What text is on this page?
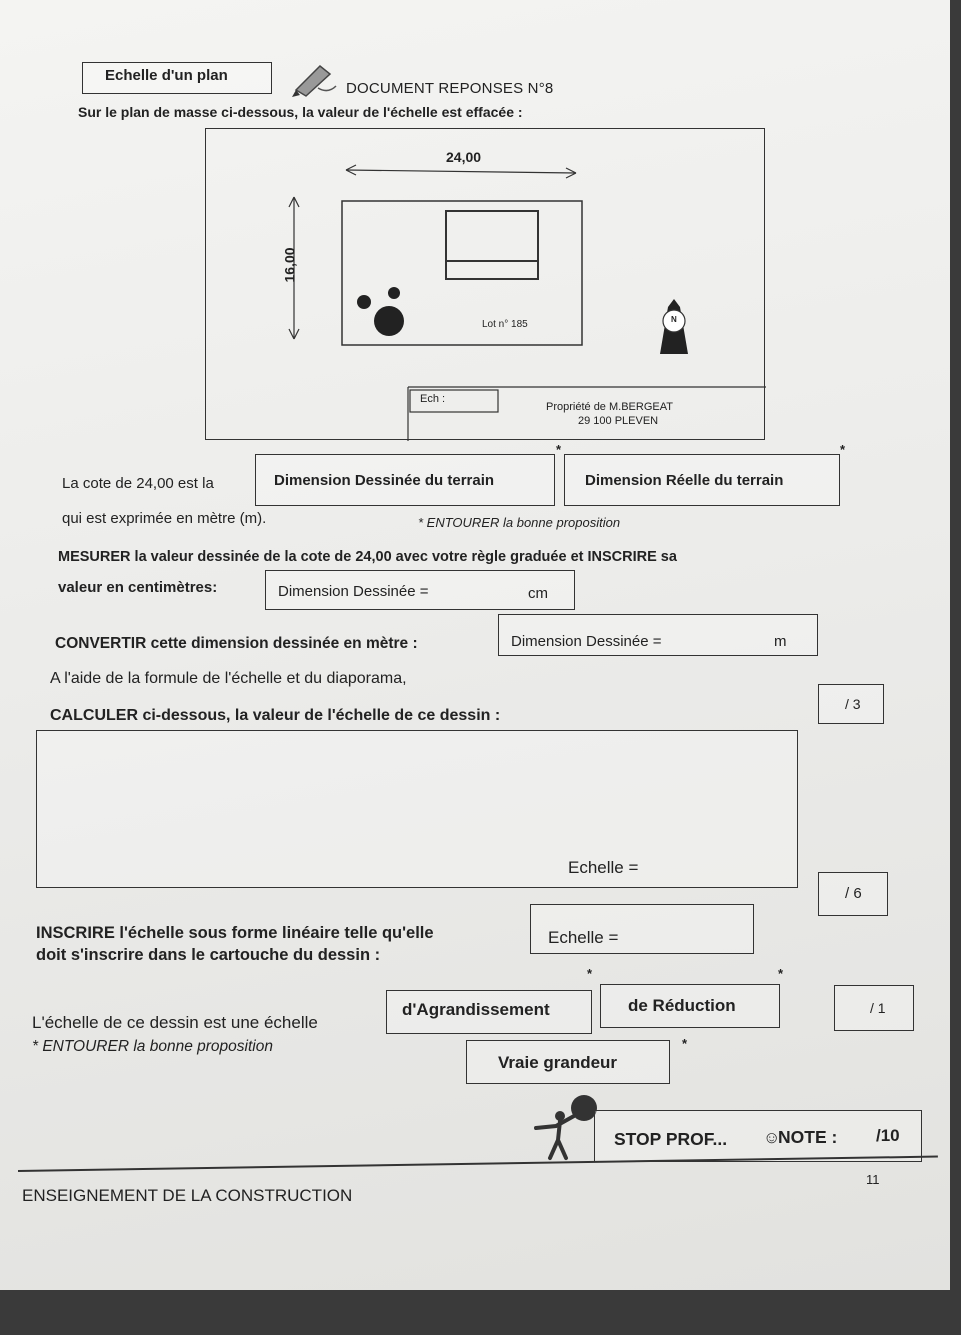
Echelle d'un plan
DOCUMENT REPONSES N°8
Sur le plan de masse ci-dessous, la valeur de l'échelle est effacée :
24,00
16,00
Lot n° 185	N
Ech :
Propriété de M.BERGEAT
29 100 PLEVEN
La cote de 24,00 est la	Dimension Dessinée du terrain	Dimension Réelle du terrain
*	*
qui est exprimée en mètre (m).	* ENTOURER la bonne proposition
MESURER la valeur dessinée de la cote de 24,00 avec votre règle graduée et INSCRIRE sa
valeur en centimètres:	Dimension Dessinée =	cm
CONVERTIR cette dimension dessinée en mètre :	Dimension Dessinée =	m
A l'aide de la formule de l'échelle et du diaporama,
CALCULER ci-dessous, la valeur de l'échelle de ce dessin :
/ 3
Echelle =
/ 6
INSCRIRE l'échelle sous forme linéaire telle qu'elle
doit s'inscrire dans le cartouche du dessin :
Echelle =
*	*
L'échelle de ce dessin est une échelle
d'Agrandissement	de Réduction	/ 1
* ENTOURER la bonne proposition
Vraie grandeur
*
STOP PROF... ☺
NOTE : /10
11
ENSEIGNEMENT DE LA CONSTRUCTION
